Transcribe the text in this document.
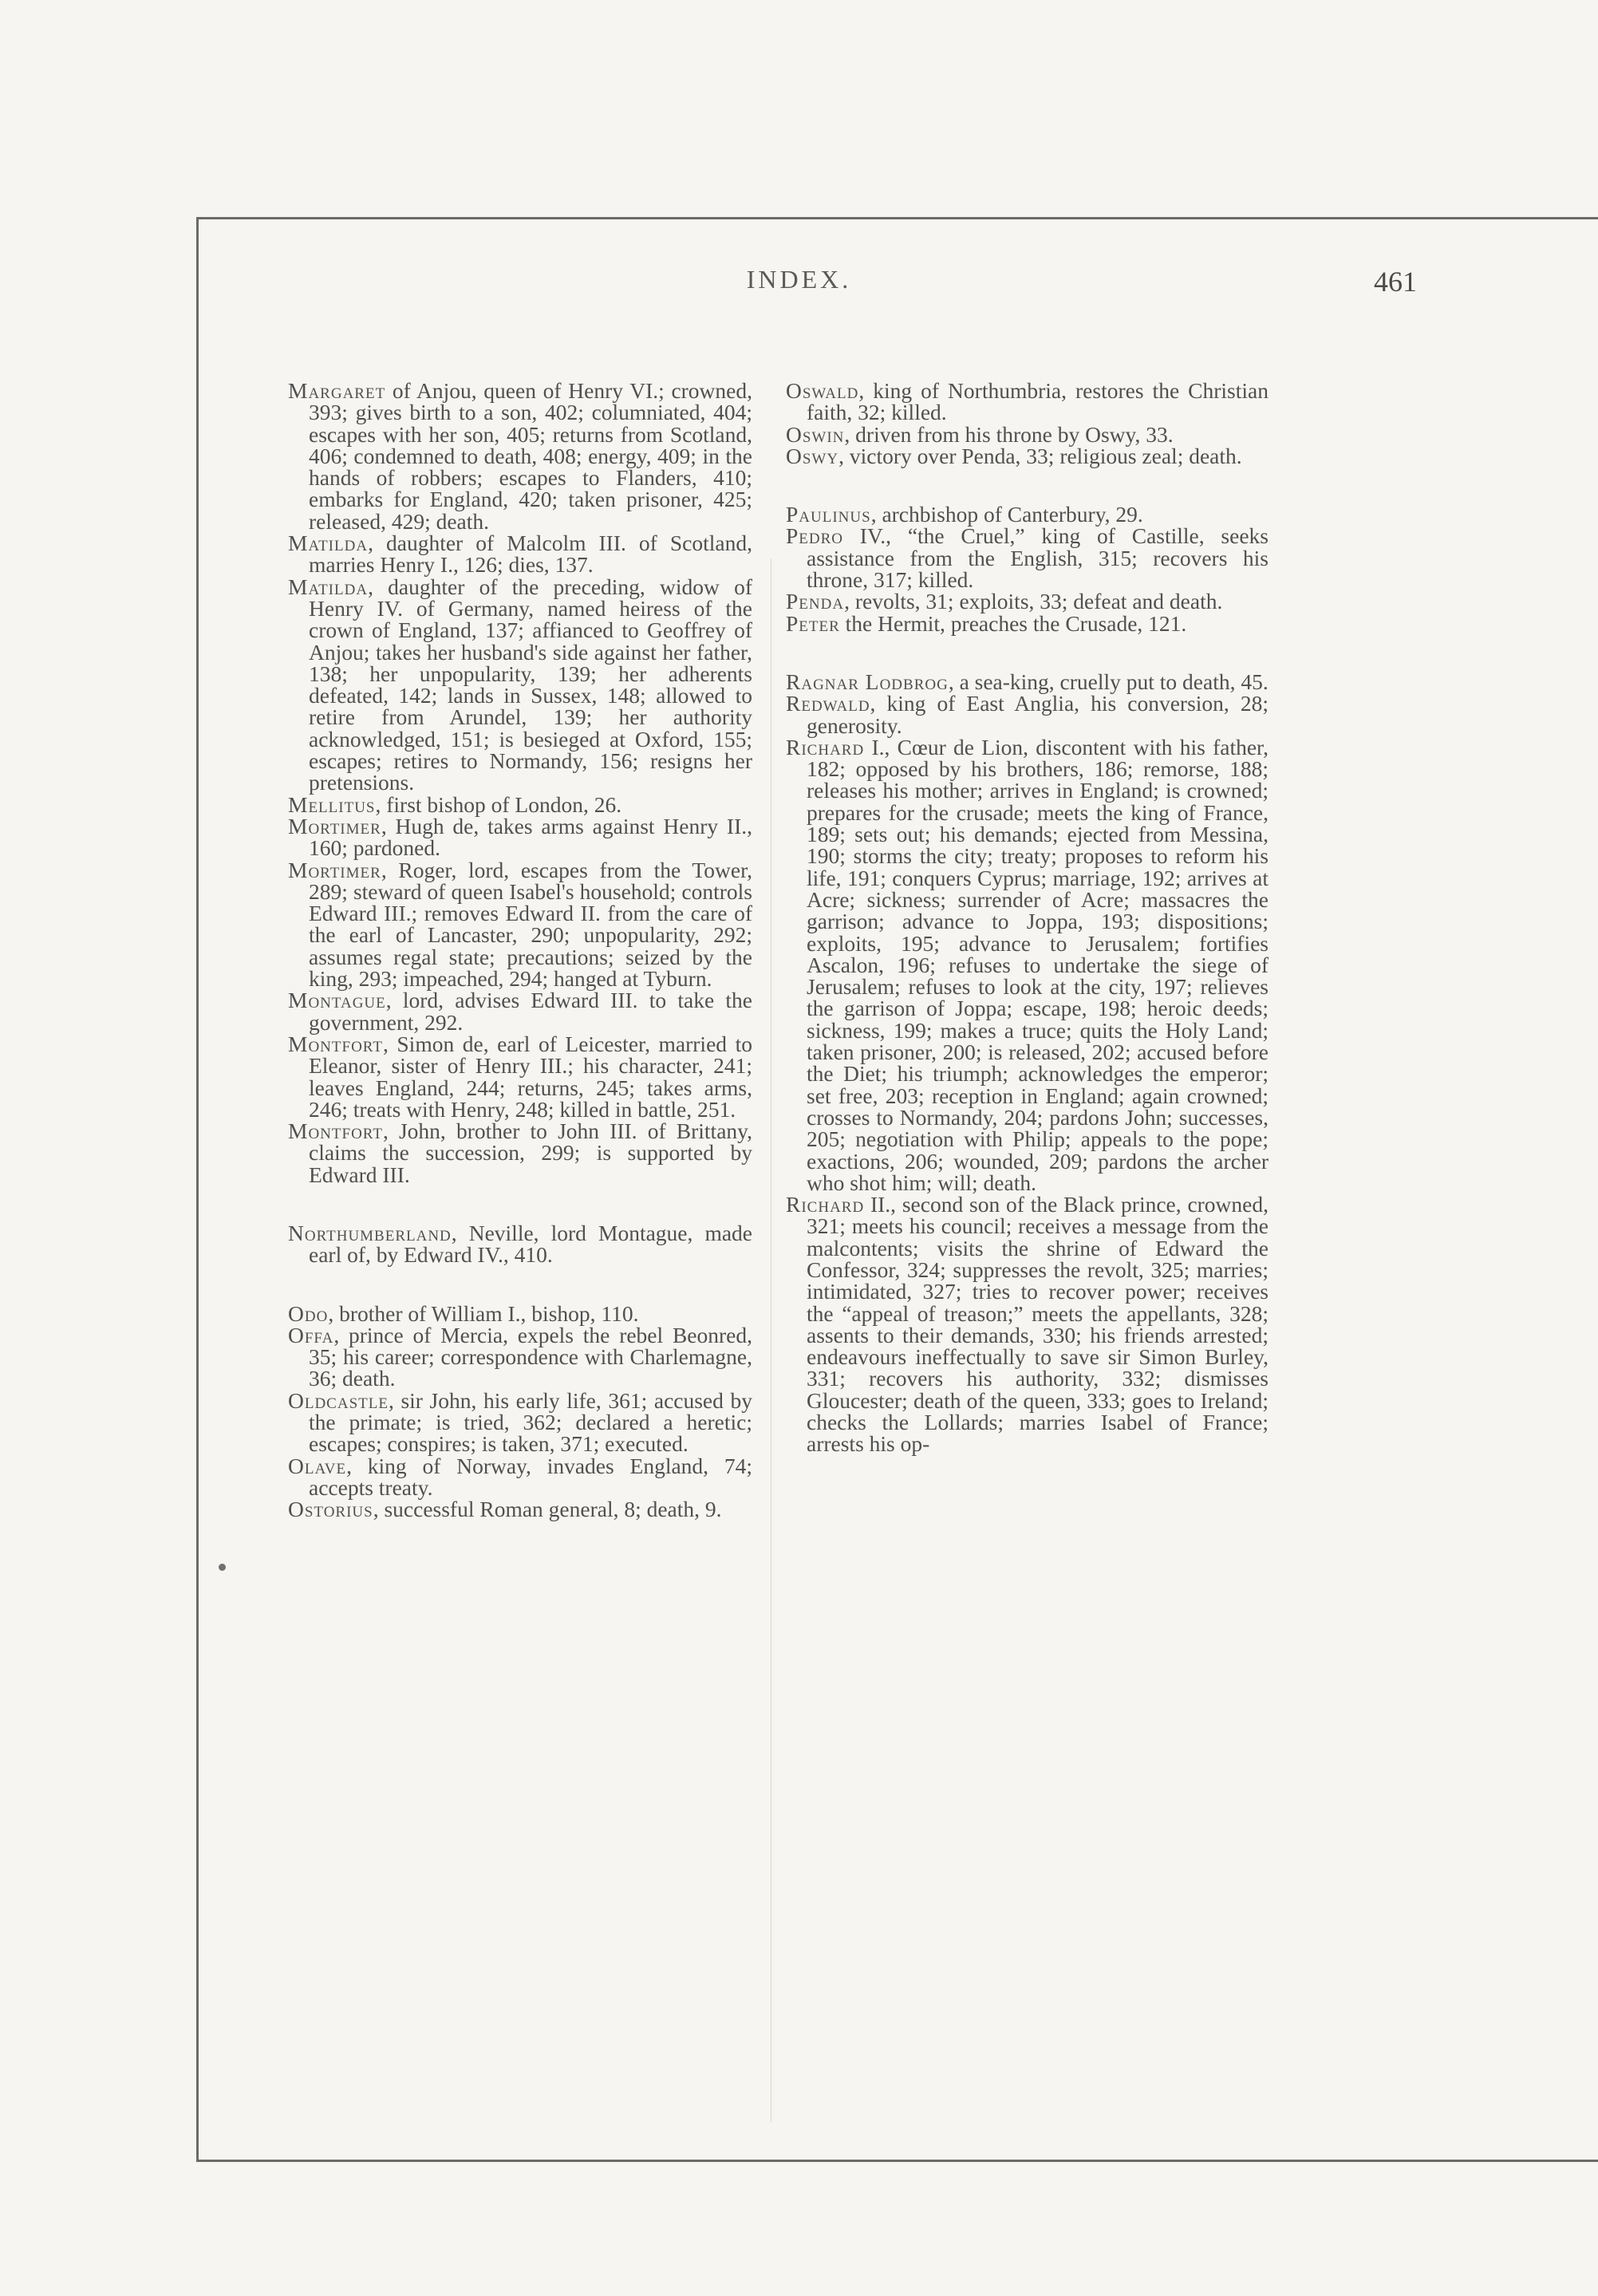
INDEX.	461

Margaret of Anjou, queen of Henry VI.; crowned, 393; gives birth to a son, 402; columniated, 404; escapes with her son, 405; returns from Scotland, 406; condemned to death, 408; energy, 409; in the hands of robbers; escapes to Flanders, 410; embarks for England, 420; taken prisoner, 425; released, 429; death.

Matilda, daughter of Malcolm III. of Scotland, marries Henry I., 126; dies, 137.

Matilda, daughter of the preceding, widow of Henry IV. of Germany, named heiress of the crown of England, 137; affianced to Geoffrey of Anjou; takes her husband's side against her father, 138; her unpopularity, 139; her adherents defeated, 142; lands in Sussex, 148; allowed to retire from Arundel, 139; her authority acknowledged, 151; is besieged at Oxford, 155; escapes; retires to Normandy, 156; resigns her pretensions.

Mellitus, first bishop of London, 26.

Mortimer, Hugh de, takes arms against Henry II., 160; pardoned.

Mortimer, Roger, lord, escapes from the Tower, 289; steward of queen Isabel's household; controls Edward III.; removes Edward II. from the care of the earl of Lancaster, 290; unpopularity, 292; assumes regal state; precautions; seized by the king, 293; impeached, 294; hanged at Tyburn.

Montague, lord, advises Edward III. to take the government, 292.

Montfort, Simon de, earl of Leicester, married to Eleanor, sister of Henry III.; his character, 241; leaves England, 244; returns, 245; takes arms, 246; treats with Henry, 248; killed in battle, 251.

Montfort, John, brother to John III. of Brittany, claims the succession, 299; is supported by Edward III.

Northumberland, Neville, lord Montague, made earl of, by Edward IV., 410.

Odo, brother of William I., bishop, 110.

Offa, prince of Mercia, expels the rebel Beonred, 35; his career; correspondence with Charlemagne, 36; death.

Oldcastle, sir John, his early life, 361; accused by the primate; is tried, 362; declared a heretic; escapes; conspires; is taken, 371; executed.

Olave, king of Norway, invades England, 74; accepts treaty.

Ostorius, successful Roman general, 8; death, 9.

Oswald, king of Northumbria, restores the Christian faith, 32; killed.

Oswin, driven from his throne by Oswy, 33.

Oswy, victory over Penda, 33; religious zeal; death.

Paulinus, archbishop of Canterbury, 29.

Pedro IV., “the Cruel,” king of Castille, seeks assistance from the English, 315; recovers his throne, 317; killed.

Penda, revolts, 31; exploits, 33; defeat and death.

Peter the Hermit, preaches the Crusade, 121.

Ragnar Lodbrog, a sea-king, cruelly put to death, 45.

Redwald, king of East Anglia, his conversion, 28; generosity.

Richard I., Cœur de Lion, discontent with his father, 182; opposed by his brothers, 186; remorse, 188; releases his mother; arrives in England; is crowned; prepares for the crusade; meets the king of France, 189; sets out; his demands; ejected from Messina, 190; storms the city; treaty; proposes to reform his life, 191; conquers Cyprus; marriage, 192; arrives at Acre; sickness; surrender of Acre; massacres the garrison; advance to Joppa, 193; dispositions; exploits, 195; advance to Jerusalem; fortifies Ascalon, 196; refuses to undertake the siege of Jerusalem; refuses to look at the city, 197; relieves the garrison of Joppa; escape, 198; heroic deeds; sickness, 199; makes a truce; quits the Holy Land; taken prisoner, 200; is released, 202; accused before the Diet; his triumph; acknowledges the emperor; set free, 203; reception in England; again crowned; crosses to Normandy, 204; pardons John; successes, 205; negotiation with Philip; appeals to the pope; exactions, 206; wounded, 209; pardons the archer who shot him; will; death.

Richard II., second son of the Black prince, crowned, 321; meets his council; receives a message from the malcontents; visits the shrine of Edward the Confessor, 324; suppresses the revolt, 325; marries; intimidated, 327; tries to recover power; receives the “appeal of treason;” meets the appellants, 328; assents to their demands, 330; his friends arrested; endeavours ineffectually to save sir Simon Burley, 331; recovers his authority, 332; dismisses Gloucester; death of the queen, 333; goes to Ireland; checks the Lollards; marries Isabel of France; arrests his op-
